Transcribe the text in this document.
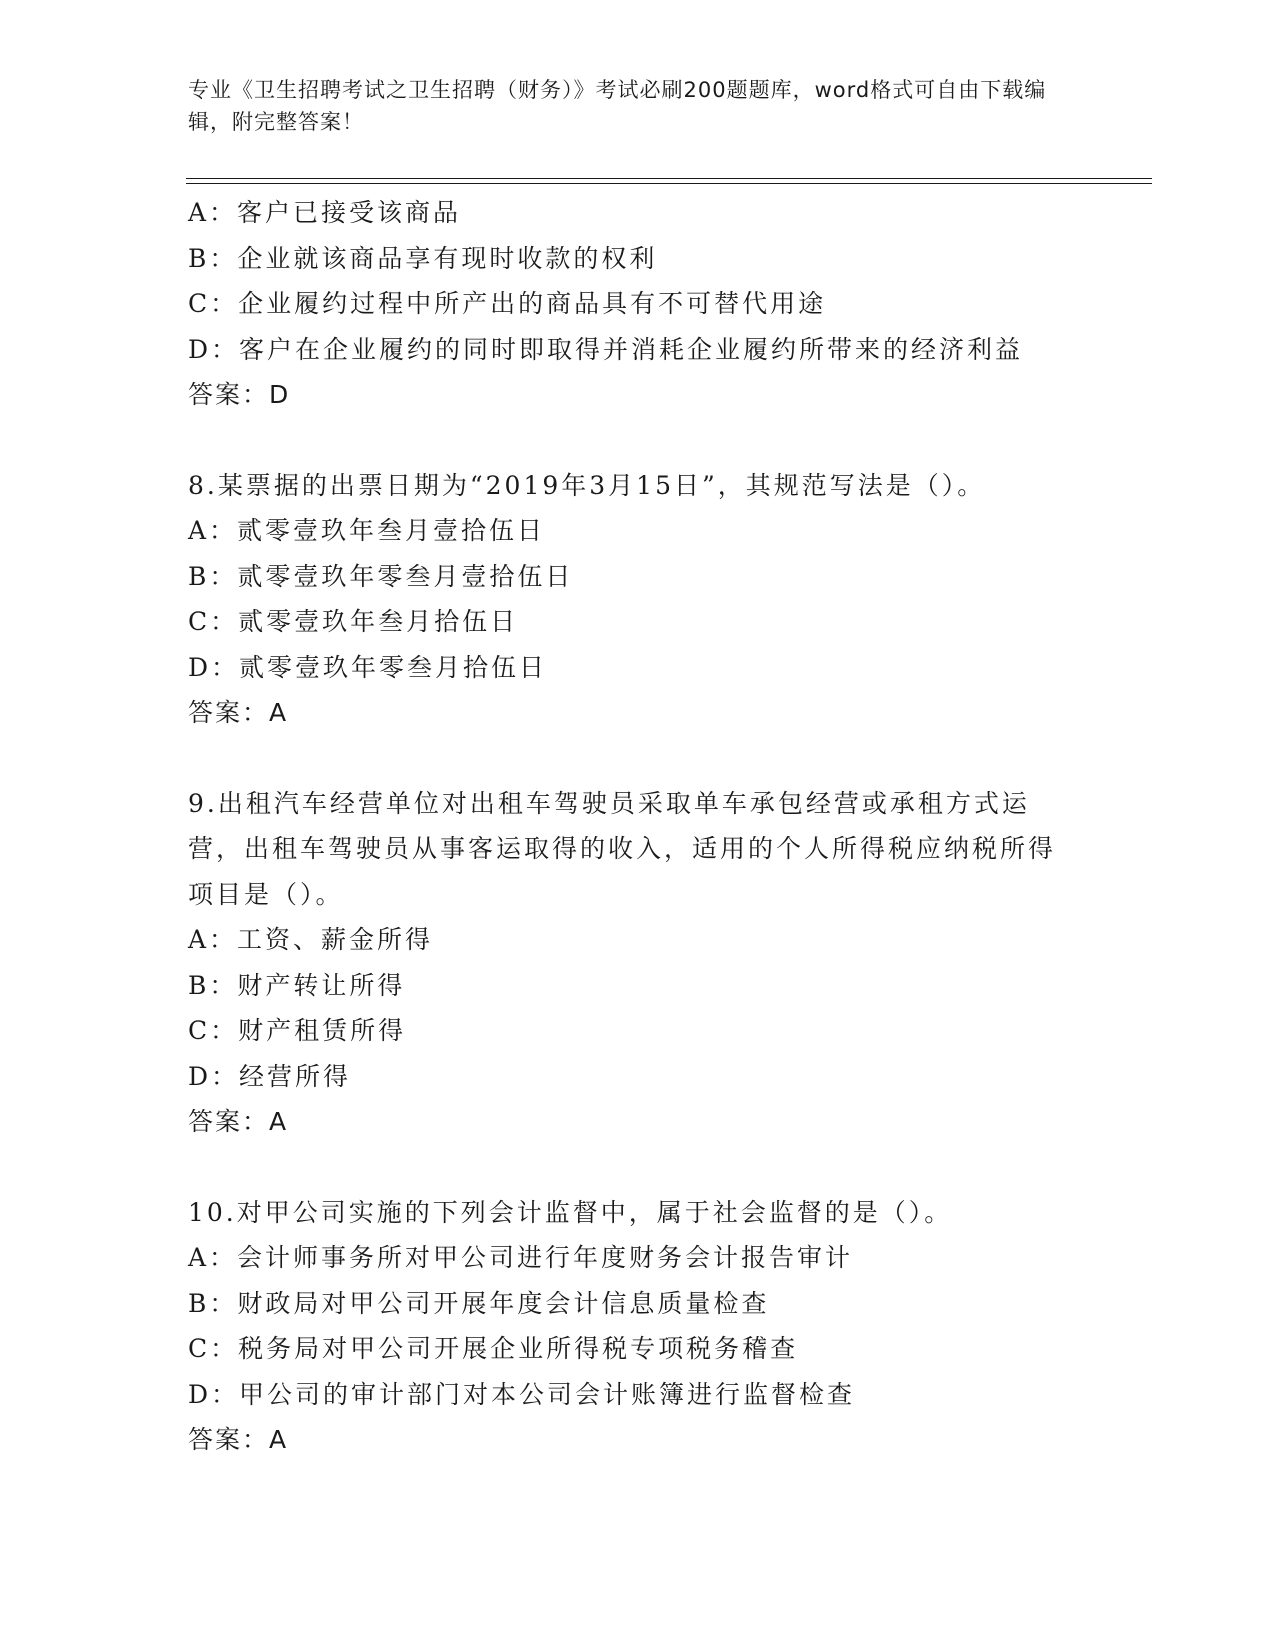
专业《卫生招聘考试之卫生招聘（财务）》考试必刷200题题库，word格式可自由下载编辑，附完整答案！
A：客户已接受该商品
B：企业就该商品享有现时收款的权利
C：企业履约过程中所产出的商品具有不可替代用途
D：客户在企业履约的同时即取得并消耗企业履约所带来的经济利益
答案：D
8.某票据的出票日期为“2019年3月15日”，其规范写法是（）。
A：贰零壹玖年叁月壹拾伍日
B：贰零壹玖年零叁月壹拾伍日
C：贰零壹玖年叁月拾伍日
D：贰零壹玖年零叁月拾伍日
答案：A
9.出租汽车经营单位对出租车驾驶员采取单车承包经营或承租方式运营，出租车驾驶员从事客运取得的收入，适用的个人所得税应纳税所得项目是（）。
A：工资、薪金所得
B：财产转让所得
C：财产租赁所得
D：经营所得
答案：A
10.对甲公司实施的下列会计监督中，属于社会监督的是（）。
A：会计师事务所对甲公司进行年度财务会计报告审计
B：财政局对甲公司开展年度会计信息质量检查
C：税务局对甲公司开展企业所得税专项税务稽查
D：甲公司的审计部门对本公司会计账簿进行监督检查
答案：A
